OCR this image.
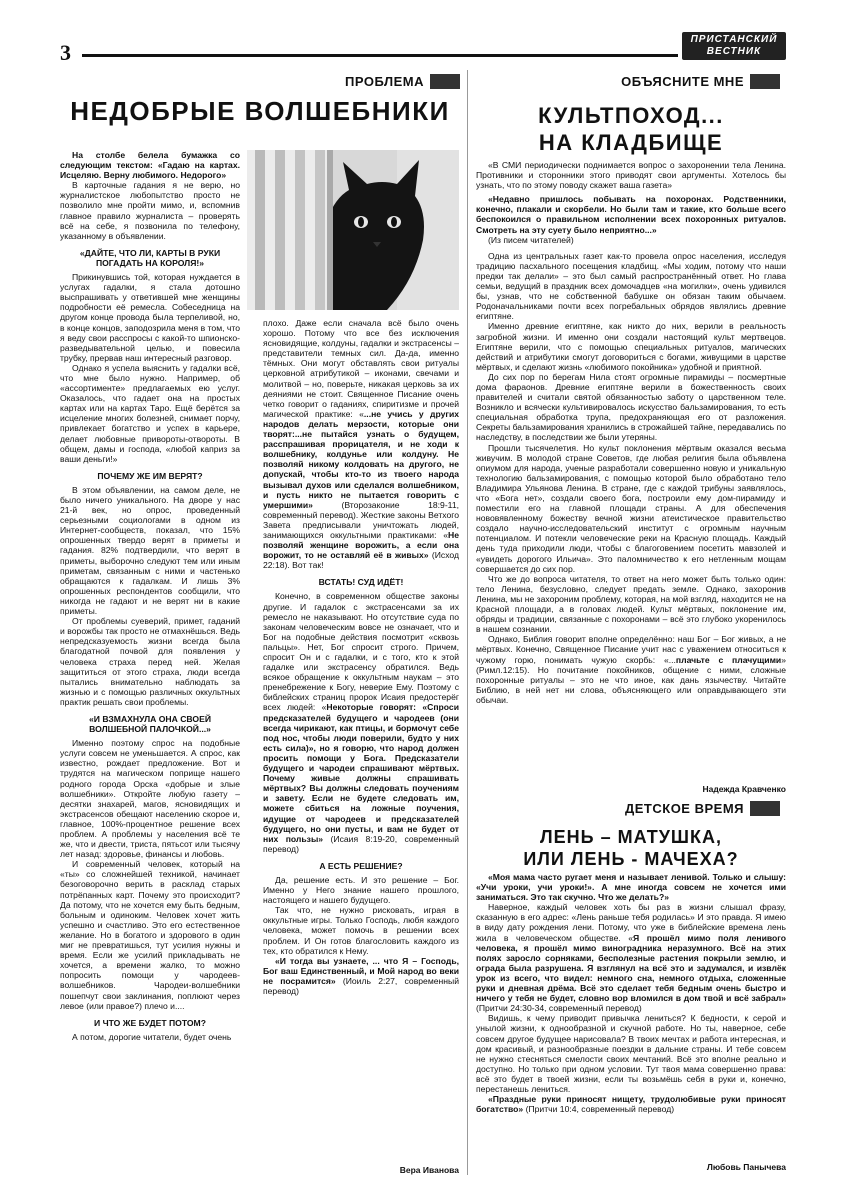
3
ПРИСТАНСКИЙ
ВЕСТНИК
ПРОБЛЕМА
НЕДОБРЫЕ ВОЛШЕБНИКИ

На столбе белела бумажка со следующим текстом: «Гадаю на картах. Исцеляю. Верну любимого. Недорого»

В карточные гадания я не верю, но журналистское любопытство просто не позволило мне пройти мимо, и, вспомнив главное правило журналиста – проверять всё на себе, я позвонила по телефону, указанному в объявлении.

«ДАЙТЕ, ЧТО ЛИ, КАРТЫ В РУКИ ПОГАДАТЬ НА КОРОЛЯ!»

Прикинувшись той, которая нуждается в услугах гадалки, я стала дотошно выспрашивать у ответившей мне женщины подробности её ремесла. Собеседница на другом конце провода была терпеливой, но, в конце концов, заподозрила меня в том, что я веду свои расспросы с какой-то шпионско-разведывательной целью, и повесила трубку, прервав наш интересный разговор.

Однако я успела выяснить у гадалки всё, что мне было нужно. Например, об «ассортименте» предлагаемых ею услуг. Оказалось, что гадает она на простых картах или на картах Таро. Ещё берётся за исцеление многих болезней, снимает порчу, привлекает богатство и успех в карьере, делает любовные привороты-отвороты. В общем, дамы и господа, «любой каприз за ваши деньги!»

ПОЧЕМУ ЖЕ ИМ ВЕРЯТ?

В этом объявлении, на самом деле, не было ничего уникального. На дворе у нас 21-й век, но опрос, проведенный серьезными социологами в одном из Интернет-сообществ, показал, что 15% опрошенных твердо верят в приметы и гадания. 82% подтвердили, что верят в приметы, выборочно следуют тем или иным приметам, связанным с ними и частенько обращаются к гадалкам. И лишь 3% опрошенных респондентов сообщили, что никогда не гадают и не верят ни в какие приметы.

От проблемы суеверий, примет, гаданий и ворожбы так просто не отмахнёшься. Ведь непредсказуемость жизни всегда была благодатной почвой для появления у человека страха перед ней. Желая защититься от этого страха, люди всегда пытались внимательно наблюдать за жизнью и с помощью различных оккультных практик решать свои проблемы.

«И ВЗМАХНУЛА ОНА СВОЕЙ ВОЛШЕБНОЙ ПАЛОЧКОЙ...»

Именно поэтому спрос на подобные услуги совсем не уменьшается. А спрос, как известно, рождает предложение. Вот и трудятся на магическом поприще нашего родного города Орска «добрые и злые волшебники». Откройте любую газету – десятки знахарей, магов, ясновидящих и экстрасенсов обещают населению скорое и, главное, 100%-процентное решение всех проблем. А проблемы у населения всё те же, что и двести, триста, пятьсот или тысячу лет назад: здоровье, финансы и любовь.

И современный человек, который на «ты» со сложнейшей техникой, начинает безоговорочно верить в расклад старых потрёпанных карт. Почему это происходит? Да потому, что не хочется ему быть бедным, больным и одиноким. Человек хочет жить успешно и счастливо. Это его естественное желание. Но в богатого и здорового в один миг не превратишься, тут усилия нужны и время. Если же усилий прикладывать не хочется, а времени жалко, то можно попросить помощи у чародеев-волшебников. Чародеи-волшебники пошепчут свои заклинания, поплюют через левое (или правое?) плечо и....

И ЧТО ЖЕ БУДЕТ ПОТОМ?

А потом, дорогие читатели, будет очень

плохо. Даже если сначала всё было очень хорошо. Потому что все без исключения ясновидящие, колдуны, гадалки и экстрасенсы – представители темных сил. Да-да, именно тёмных. Они могут обставлять свои ритуалы церковной атрибутикой – иконами, свечами и молитвой – но, поверьте, никакая церковь за их деяниями не стоит. Священное Писание очень четко говорит о гаданиях, спиритизме и прочей магической практике: «...не учись у других народов делать мерзости, которые они творят:...не пытайся узнать о будущем, расспрашивая прорицателя, и не ходи к волшебнику, колдунье или колдуну. Не позволяй никому колдовать на другого, не допускай, чтобы кто-то из твоего народа вызывал духов или сделался волшебником, и пусть никто не пытается говорить с умершими» (Второзаконие 18:9-11, современный перевод). Жесткие законы Ветхого Завета предписывали уничтожать людей, занимающихся оккультными практиками: «Не позволяй женщине ворожить, а если она ворожит, то не оставляй её в живых» (Исход 22:18). Вот так!

ВСТАТЬ! СУД ИДЁТ!

Конечно, в современном обществе законы другие. И гадалок с экстрасенсами за их ремесло не наказывают. Но отсутствие суда по законам человеческим вовсе не означает, что и Бог на подобные действия посмотрит «сквозь пальцы». Нет, Бог спросит строго. Причем, спросит Он и с гадалки, и с того, кто к этой гадалке или экстрасенсу обратился. Ведь всякое обращение к оккультным наукам – это пренебрежение к Богу, неверие Ему. Поэтому с библейских страниц пророк Исаия предостерёг всех людей: «Некоторые говорят: «Спроси предсказателей будущего и чародеев (они всегда чирикают, как птицы, и бормочут себе под нос, чтобы люди поверили, будто у них есть сила)», но я говорю, что народ должен просить помощи у Бога. Предсказатели будущего и чародеи спрашивают мёртвых. Почему живые должны спрашивать мёртвых? Вы должны следовать поучениям и завету. Если не будете следовать им, можете сбиться на ложные поучения, идущие от чародеев и предсказателей будущего, но они пусты, и вам не будет от них пользы» (Исаия 8:19-20, современный перевод)

А ЕСТЬ РЕШЕНИЕ?

Да, решение есть. И это решение – Бог. Именно у Него знание нашего прошлого, настоящего и нашего будущего.

Так что, не нужно рисковать, играя в оккультные игры. Только Господь, любя каждого человека, может помочь в решении всех проблем. И Он готов благословить каждого из тех, кто обратился к Нему.

«И тогда вы узнаете, ... что Я – Господь, Бог ваш Единственный, и Мой народ во веки не посрамится» (Иоиль 2:27, современный перевод)

Вера Иванова
ОБЪЯСНИТЕ МНЕ
КУЛЬТПОХОД...
НА КЛАДБИЩЕ

«В СМИ периодически поднимается вопрос о захоронении тела Ленина. Противники и сторонники этого приводят свои аргументы. Хотелось бы узнать, что по этому поводу скажет ваша газета»

«Недавно пришлось побывать на похоронах. Родственники, конечно, плакали и скорбели. Но были там и такие, кто больше всего беспокоился о правильном исполнении всех похоронных ритуалов. Смотреть на эту суету было неприятно...»

(Из писем читателей)

Одна из центральных газет как-то провела опрос населения, исследуя традицию пасхального посещения кладбищ. «Мы ходим, потому что наши предки так делали» – это был самый распространённый ответ. Но глава семьи, ведущий в праздник всех домочадцев «на могилки», очень удивился бы, узнав, что не собственной бабушке он обязан таким обычаем. Родоначальниками почти всех погребальных обрядов являлись древние египтяне.

Именно древние египтяне, как никто до них, верили в реальность загробной жизни. И именно они создали настоящий культ мертвецов. Египтяне верили, что с помощью специальных ритуалов, магических действий и атрибутики смогут договориться с богами, живущими в царстве мёртвых, и сделают жизнь «любимого покойника» удобной и приятной.

До сих пор по берегам Нила стоят огромные пирамиды – посмертные дома фараонов. Древние египтяне верили в божественность своих правителей и считали святой обязанностью заботу о царственном теле. Возникло и всячески культивировалось искусство бальзамирования, то есть специальная обработка трупа, предохраняющая его от разложения. Секреты бальзамирования хранились в строжайшей тайне, передавались по наследству, в последствии же были утеряны.

Прошли тысячелетия. Но культ поклонения мёртвым оказался весьма живучим. В молодой стране Советов, где любая религия была объявлена опиумом для народа, ученые разработали совершенно новую и уникальную технологию бальзамирования, с помощью которой было обработано тело Владимира Ульянова Ленина. В стране, где с каждой трибуны заявлялось, что «Бога нет», создали своего бога, построили ему дом-пирамиду и поместили его на главной площади страны. А для обеспечения нововявленному божеству вечной жизни атеистическое правительство создало научно-исследовательский институт с огромным научным потенциалом. И потекли человеческие реки на Красную площадь. Каждый день туда приходили люди, чтобы с благоговением посетить мавзолей и «увидеть дорогого Ильича». Это паломничество к его нетленным мощам совершается до сих пор.

Что же до вопроса читателя, то ответ на него может быть только один: тело Ленина, безусловно, следует предать земле. Однако, захоронив Ленина, мы не захороним проблему, которая, на мой взгляд, находится не на Красной площади, а в головах людей. Культ мёртвых, поклонение им, обряды и традиции, связанные с похоронами – всё это глубоко укоренилось в нашем сознании.

Однако, Библия говорит вполне определённо: наш Бог – Бог живых, а не мёртвых. Конечно, Священное Писание учит нас с уважением относиться к чужому горю, понимать чужую скорбь: «...плачьте с плачущими» (Римл.12:15). Но почитание покойников, общение с ними, сложные похоронные ритуалы – это не что иное, как дань язычеству. Читайте Библию, в ней нет ни слова, объясняющего или оправдывающего эти обычаи.

Надежда Кравченко
ДЕТСКОЕ ВРЕМЯ
ЛЕНЬ – МАТУШКА,
ИЛИ ЛЕНЬ - МАЧЕХА?

«Моя мама часто ругает меня и называет ленивой. Только и слышу: «Учи уроки, учи уроки!». А мне иногда совсем не хочется ими заниматься. Это так скучно. Что же делать?»

Наверное, каждый человек хоть бы раз в жизни слышал фразу, сказанную в его адрес: «Лень раньше тебя родилась» И это правда. Я имею в виду дату рождения лени. Потому, что уже в библейские времена лень жила в человеческом обществе. «Я прошёл мимо поля ленивого человека, я прошёл мимо виноградника неразумного. Всё на этих полях заросло сорняками, бесполезные растения покрыли землю, и ограда была разрушена. Я взглянул на всё это и задумался, и извлёк урок из всего, что видел: немного сна, немного отдыха, сложенные руки и дневная дрёма. Всё это сделает тебя бедным очень быстро и ничего у тебя не будет, словно вор вломился в дом твой и всё забрал» (Притчи 24:30-34, современный перевод)

Видишь, к чему приводит привычка лениться? К бедности, к серой и унылой жизни, к однообразной и скучной работе. Но ты, наверное, себе совсем другое будущее нарисовала? В твоих мечтах и работа интересная, и дом красивый, и разнообразные поездки в дальние страны. И тебе совсем не нужно стесняться смелости своих мечтаний. Всё это вполне реально и доступно. Но только при одном условии. Тут твоя мама совершенно права: всё это будет в твоей жизни, если ты возьмёшь себя в руки и, конечно, перестанешь лениться.

«Праздные руки приносят нищету, трудолюбивые руки приносят богатство» (Притчи 10:4, современный перевод)

Любовь Панычева
